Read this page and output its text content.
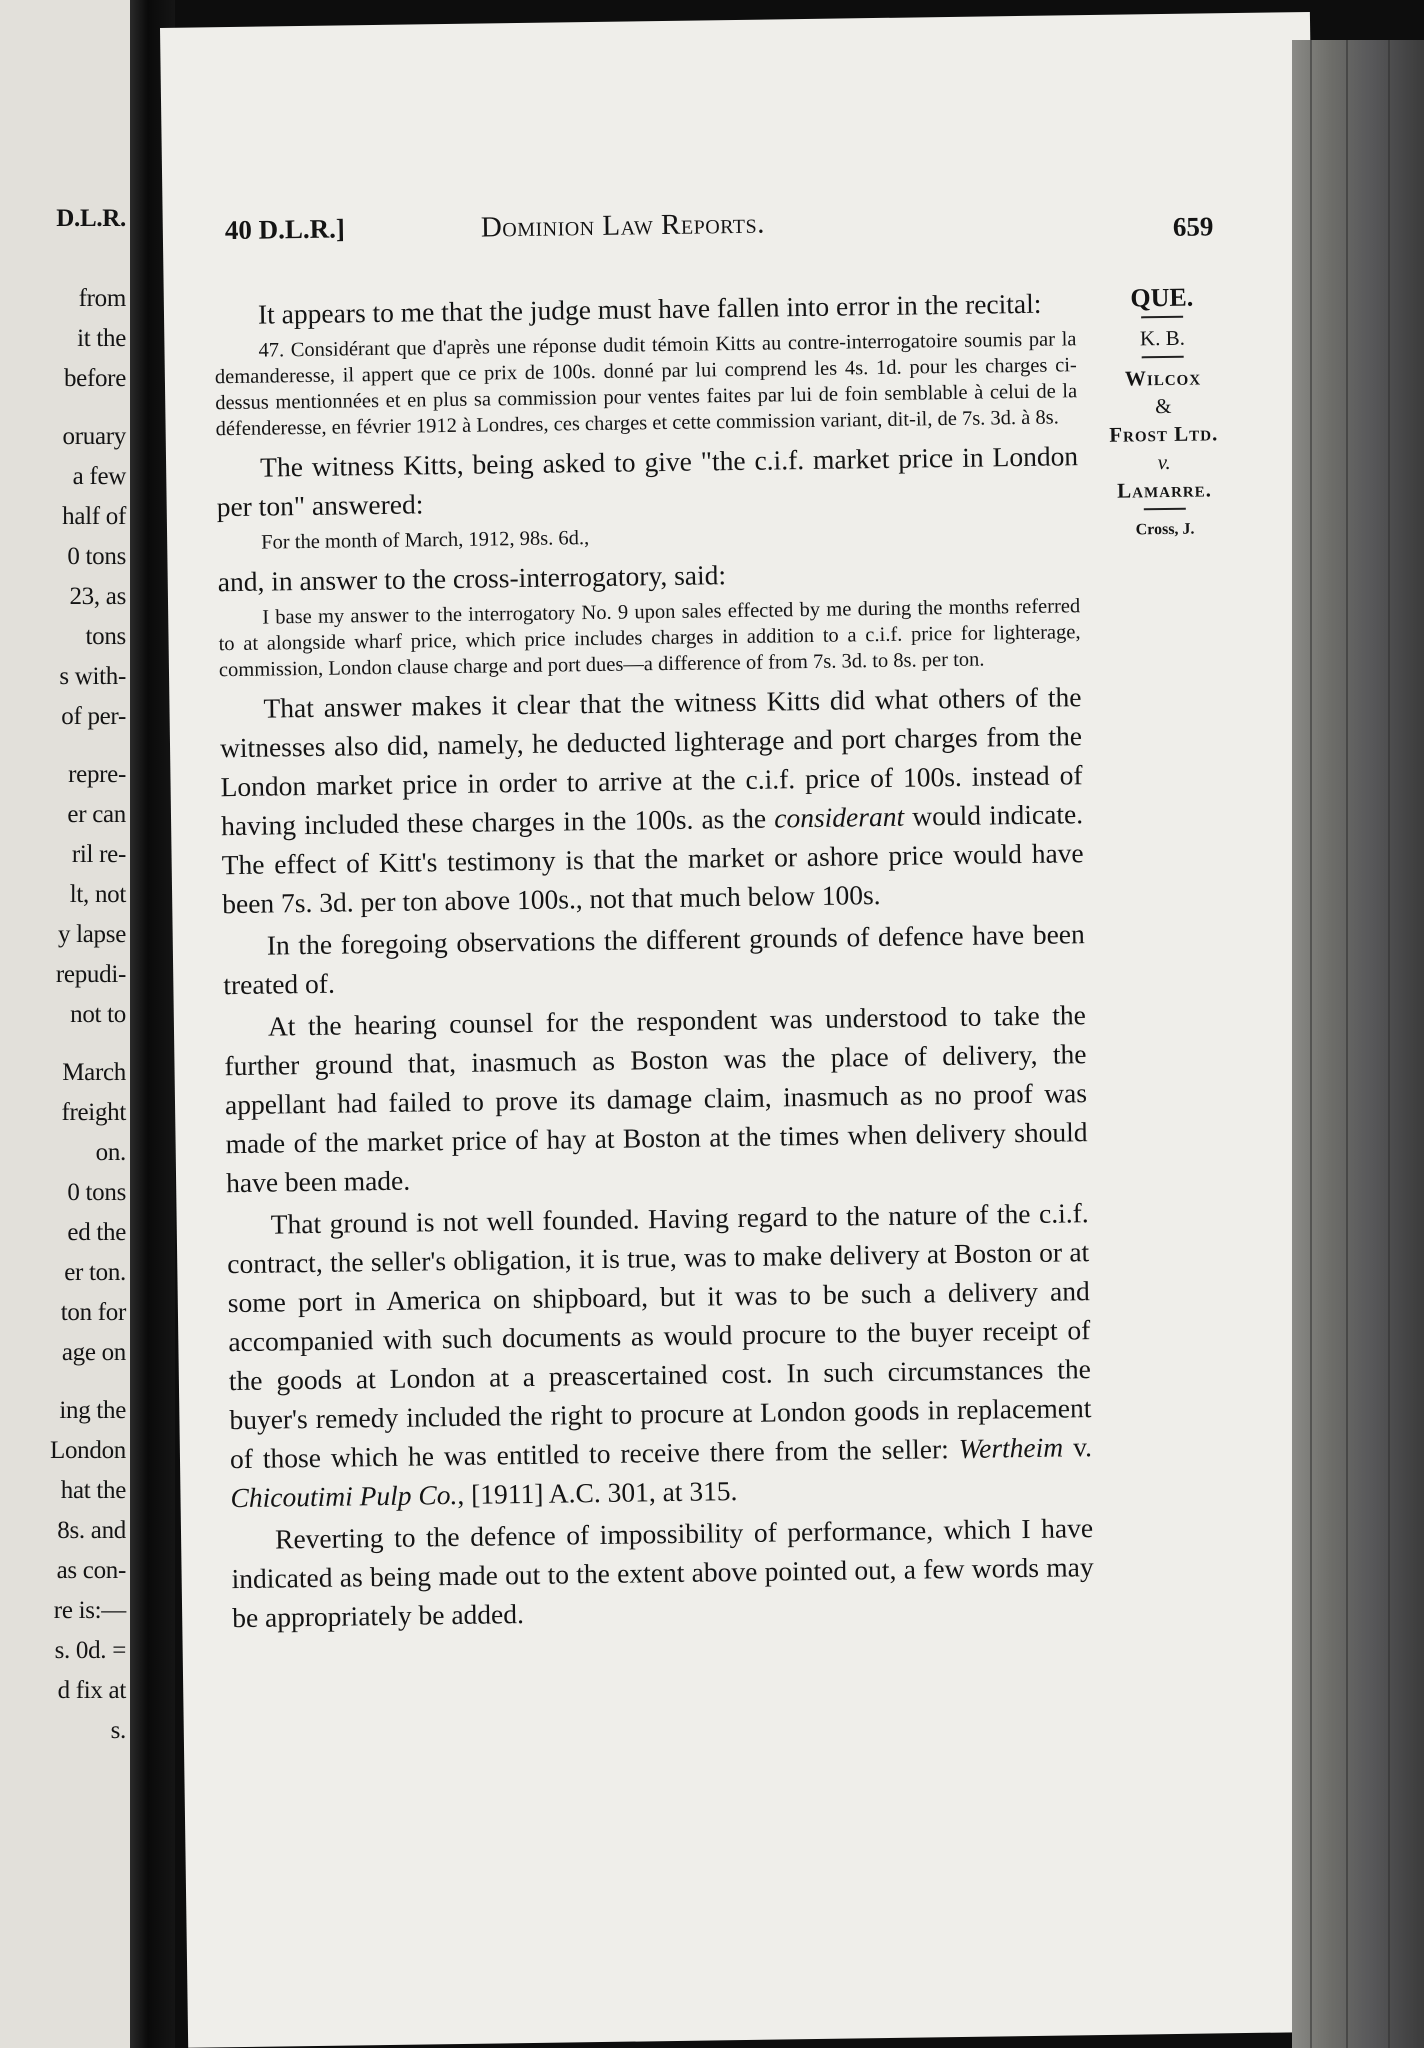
D.L.R.
from
it the
before
oruary
a few
half of
0 tons
23, as
tons
s with-
of per-
repre-
er can
ril re-
lt, not
y lapse
repudi-
not to
March
freight
on.
0 tons
ed the
er ton.
ton for
age on
ing the
London
hat the
8s. and
as con-
re is:—
s. 0d. =
d fix at
s.
40 D.L.R.]	Dominion Law Reports.	659
QUE.
K. B.
Wilcox
&
Frost Ltd.
v.
Lamarre.
Cross, J.

It appears to me that the judge must have fallen into error in the recital:

47. Considérant que d'après une réponse dudit témoin Kitts au contre-interrogatoire soumis par la demanderesse, il appert que ce prix de 100s. donné par lui comprend les 4s. 1d. pour les charges ci-dessus mentionnées et en plus sa commission pour ventes faites par lui de foin semblable à celui de la défenderesse, en février 1912 à Londres, ces charges et cette commission variant, dit-il, de 7s. 3d. à 8s.

The witness Kitts, being asked to give "the c.i.f. market price in London per ton" answered:

For the month of March, 1912, 98s. 6d.,

and, in answer to the cross-interrogatory, said:

I base my answer to the interrogatory No. 9 upon sales effected by me during the months referred to at alongside wharf price, which price includes charges in addition to a c.i.f. price for lighterage, commission, London clause charge and port dues—a difference of from 7s. 3d. to 8s. per ton.

That answer makes it clear that the witness Kitts did what others of the witnesses also did, namely, he deducted lighterage and port charges from the London market price in order to arrive at the c.i.f. price of 100s. instead of having included these charges in the 100s. as the considerant would indicate. The effect of Kitt's testimony is that the market or ashore price would have been 7s. 3d. per ton above 100s., not that much below 100s.

In the foregoing observations the different grounds of defence have been treated of.

At the hearing counsel for the respondent was understood to take the further ground that, inasmuch as Boston was the place of delivery, the appellant had failed to prove its damage claim, inasmuch as no proof was made of the market price of hay at Boston at the times when delivery should have been made.

That ground is not well founded. Having regard to the nature of the c.i.f. contract, the seller's obligation, it is true, was to make delivery at Boston or at some port in America on shipboard, but it was to be such a delivery and accompanied with such documents as would procure to the buyer receipt of the goods at London at a preascertained cost. In such circumstances the buyer's remedy included the right to procure at London goods in replacement of those which he was entitled to receive there from the seller: Wertheim v. Chicoutimi Pulp Co., [1911] A.C. 301, at 315.

Reverting to the defence of impossibility of performance, which I have indicated as being made out to the extent above pointed out, a few words may be appropriately be added.
